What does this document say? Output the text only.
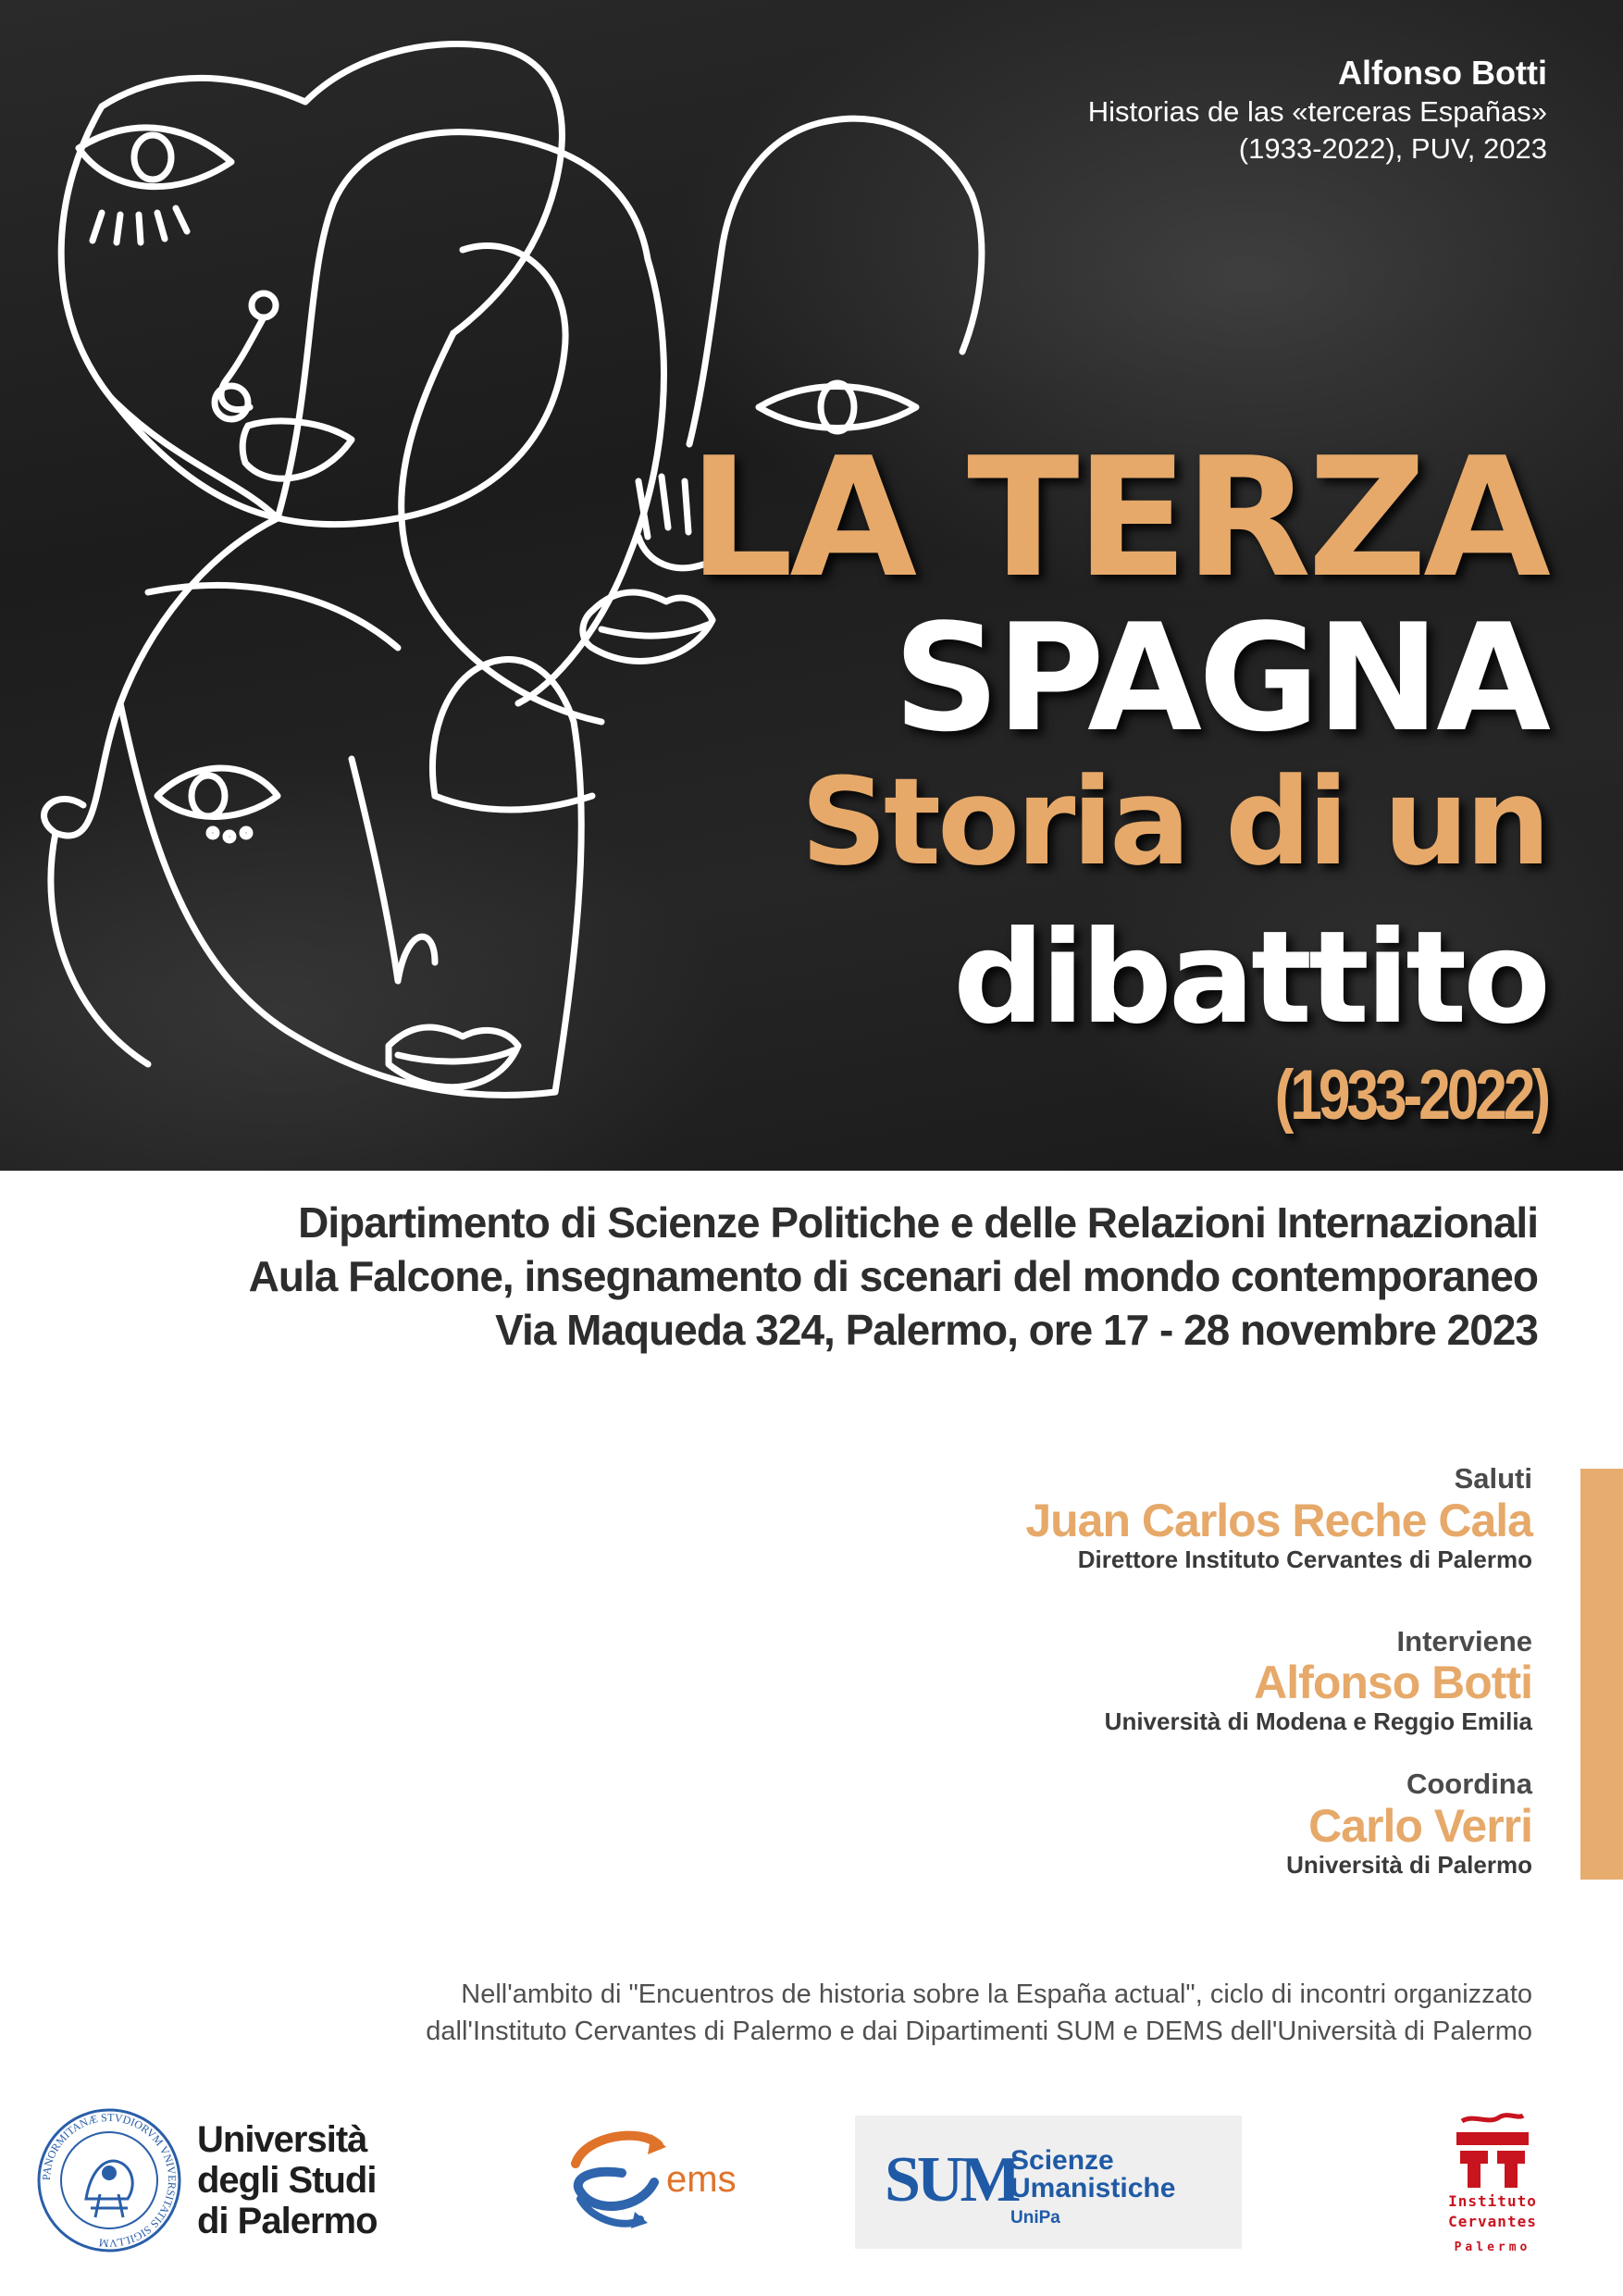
Alfonso Botti
Historias de las «terceras Españas»
(1933-2022), PUV, 2023
LA TERZA
SPAGNA
Storia di un
dibattito
(1933-2022)
Dipartimento di Scienze Politiche e delle Relazioni Internazionali
Aula Falcone, insegnamento di scenari del mondo contemporaneo
Via Maqueda 324, Palermo, ore 17 - 28 novembre 2023
Saluti
Juan Carlos Reche Cala
Direttore Instituto Cervantes di Palermo
Interviene
Alfonso Botti
Università di Modena e Reggio Emilia
Coordina
Carlo Verri
Università di Palermo
Nell'ambito di "Encuentros de historia sobre la España actual", ciclo di incontri organizzato
dall'Instituto Cervantes di Palermo e dai Dipartimenti SUM e DEMS dell'Università di Palermo
PANORMITANÆ STVDIORVM VNIVERSITATIS SIGILLVM
Università
degli Studi
di Palermo
ems SUM
Scienze
Umanistiche
UniPa
Instituto
Cervantes
Palermo
